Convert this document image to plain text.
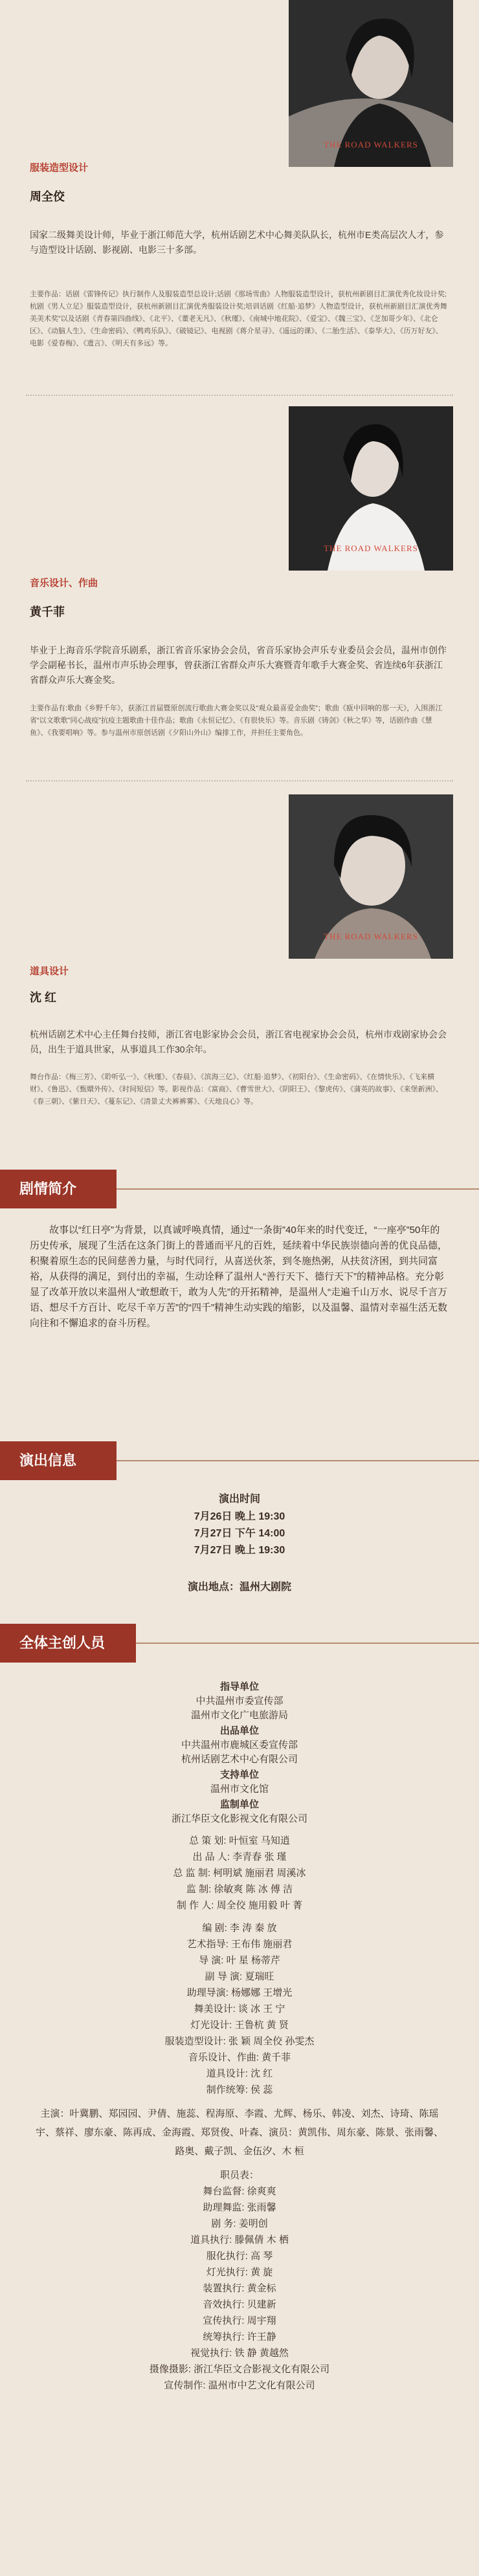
THE ROAD WALKERS
服装造型设计
周全佼
国家二级舞美设计师，毕业于浙江师范大学，杭州话剧艺术中心舞美队队长，杭州市E类高层次人才，参与造型设计话剧、影视剧、电影三十多部。
主要作品：话剧《雷锋传记》执行制作人及服装造型总设计;话剧《那场雪曲》人物服装造型设计，获杭州新剧目汇演优秀化妆设计奖;杭剧《男人立足》服装造型设计，获杭州新剧目汇演优秀服装设计奖;培训话剧《红船·追梦》人物造型设计，获杭州新剧目汇演优秀舞美美术奖”以及话剧《青春第四曲线》、《北平》、《董老无凡》、《秋瑾》、《南城中地花院》、《爱宝》、《魏三宝》、《芝加哥少年》、《北仑区》、《动脑人生》、《生命密码》、《鸭鸡乐队》、《破镜记》、电视剧《蒋介星寻》、《遥远的课》、《二胎生活》、《泰华大》、《历万好友》、电影《爱春梅》、《遗言》、《明天有多远》等。
THE ROAD WALKERS
音乐设计、作曲
黄千菲
毕业于上海音乐学院音乐剧系，浙江省音乐家协会会员，省音乐家协会声乐专业委员会会员，温州市创作学会副秘书长，温州市声乐协会理事，曾获浙江省群众声乐大赛暨青年歌手大赛金奖、省连续6年获浙江省群众声乐大赛金奖。
主要作品有:歌曲《乡野千年》，获浙江首届暨原创流行歌曲大赛金奖以及“观众最喜爱金曲奖”；歌曲《瓯中回响的那一天》，入围浙江省“以文歌歌”同心战疫”抗疫主题歌曲十佳作品；歌曲《永恒记忆》、《有很快乐》等。音乐剧《铸剑》《秋之华》等，话剧作曲《慧鱼》、《我要唱响》等。参与温州市原创话剧《夕阳山外山》编排工作，并担任主要角色。
THE ROAD WALKERS
道具设计
沈 红
杭州话剧艺术中心主任舞台技师，浙江省电影家协会会员，浙江省电视家协会会员，杭州市戏剧家协会会员，出生于道具世家，从事道具工作30余年。
舞台作品：《梅三芳》、《聆听弘一》、《秋瑾》、《春晨》、《滨海三亿》、《红船·追梦》、《初阳台》、《生命密码》、《在情快乐》、《飞来横财》、《鲁迅》、《甄嬛外传》、《时间短信》等。影视作品：《富商》、《曹雪世大》、《阴阳王》、《黎虎传》、《蒲英的故事》、《来堡新洲》、《春三朝》、《紫日天》、《蔓东记》、《清景丈夫裤裤雾》、《天地良心》等。
剧情简介
故事以“红日亭”为背景，以真诚呼唤真情，通过“一条街”40年来的时代变迁，“一座亭”50年的历史传承，展现了生活在这条门街上的普通而平凡的百姓，延续着中华民族崇德向善的优良品德，积聚着原生态的民间慈善力量，与时代同行，从喜送伙茶，到冬施热粥，从扶贫济困，到共同富裕，从获得的满足，到付出的幸福，生动诠释了温州人“善行天下、德行天下”的精神品格。充分彰显了改革开放以来温州人“敢想敢干，敢为人先”的开拓精神，是温州人“走遍千山万水、说尽千言万语、想尽千方百计、吃尽千辛万苦”的“四千”精神生动实践的缩影，以及温馨、温情对幸福生活无数向往和不懈追求的奋斗历程。
演出信息
演出时间
7月26日 晚上 19:30
7月27日 下午 14:00
7月27日 晚上 19:30
演出地点：温州大剧院
全体主创人员
指导单位
中共温州市委宣传部
温州市文化广电旅游局
出品单位
中共温州市鹿城区委宣传部
杭州话剧艺术中心有限公司
支持单位
温州市文化馆
监制单位
浙江华臣文化影视文化有限公司
总 策 划: 叶恒室 马知逍
出 品 人: 李青春 张 瑾
总 监 制: 柯明斌 施丽君 周溪冰
监 制: 徐敏爽 陈 冰 傅 洁
制 作 人: 周全佼 施用毅 叶 菁
编 剧: 李 涛 秦 放
艺术指导: 王布伟 施丽君
导 演: 叶 星 杨蒂芹
副 导 演: 夏瑞旺
助理导演: 杨娜娜 王增光
舞美设计: 谈 冰 王 宁
灯光设计: 王鲁杭 黄 贤
服装造型设计: 张 颖 周全佼 孙雯杰
音乐设计、作曲: 黄千菲
道具设计: 沈 红
制作统筹: 侯 蕊
主演：叶冀鹏、郑园园、尹倩、施蕊、程海原、李霞、尤辉、杨乐、韩凌、刘杰、诗琦、陈瑶宇、蔡祥、廖东豪、陈再成、金海霞、郑贤俊、叶森、演员：黄凯伟、周东豪、陈景、张雨馨、路奥、戴子凯、金伍汐、木 桓
职员表：
舞台监督: 徐爽爽
助理舞监: 张雨馨
剧 务: 姜明创
道具执行: 滕佩倩 木 栖
服化执行: 高 琴
灯光执行: 黄 旋
装置执行: 黄金标
音效执行: 贝建新
宣传执行: 周宇翔
统筹执行: 许王静
视觉执行: 铁 静 黄越然
摄像摄影: 浙江华臣文合影视文化有限公司
宣传制作: 温州市中艺文化有限公司
